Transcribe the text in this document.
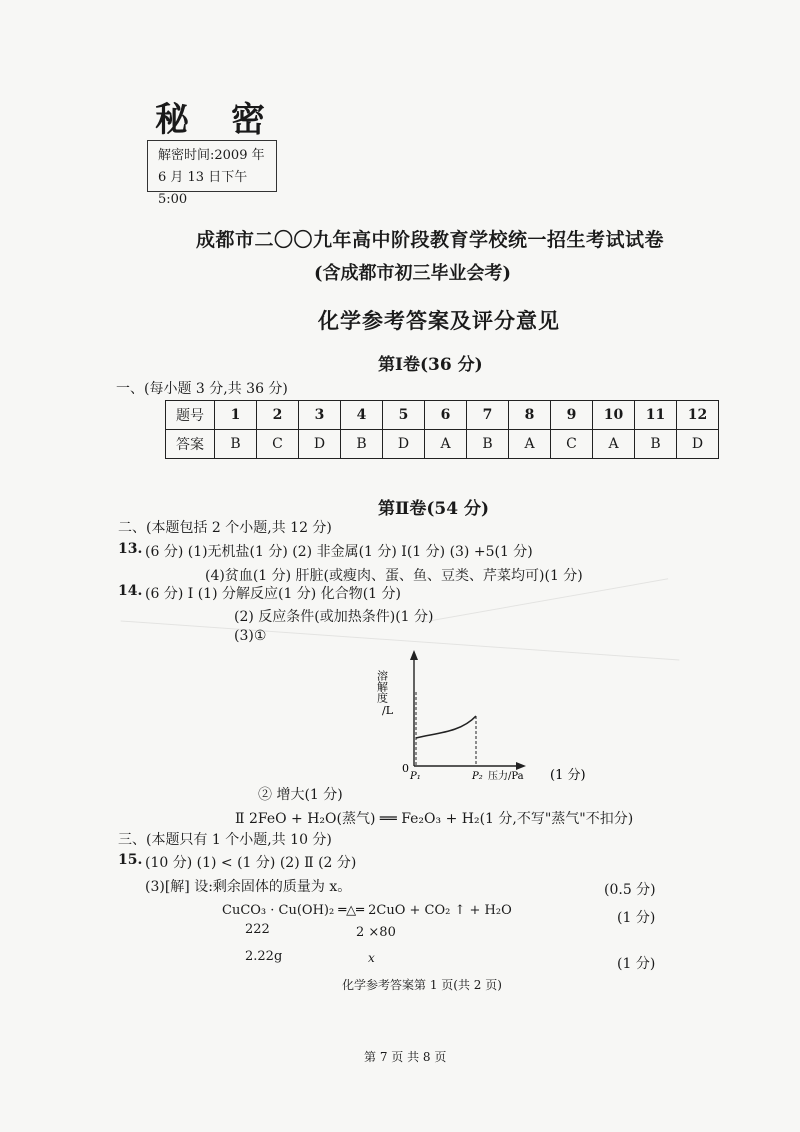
秘 密
解密时间:2009 年
6 月 13 日下午 5:00
成都市二〇〇九年高中阶段教育学校统一招生考试试卷
(含成都市初三毕业会考)
化学参考答案及评分意见
第Ⅰ卷(36 分)
一、(每小题 3 分,共 36 分)
题号	1	2	3	4	5	6	7	8	9	10	11	12
答案	B	C	D	B	D	A	B	A	C	A	B	D
第Ⅱ卷(54 分)
二、(本题包括 2 个小题,共 12 分)
13. (6 分) (1)无机盐(1 分) (2) 非金属(1 分) I(1 分) (3) +5(1 分)
(4)贫血(1 分) 肝脏(或瘦肉、蛋、鱼、豆类、芹菜均可)(1 分)
14. (6 分) Ⅰ (1) 分解反应(1 分) 化合物(1 分)
(2) 反应条件(或加热条件)(1 分)
(3)①
溶解度
/L
0
P₁	P₂ 压力/Pa (1 分)
② 增大(1 分)
Ⅱ 2FeO + H₂O(蒸气) ══ Fe₂O₃ + H₂(1 分,不写"蒸气"不扣分)
三、(本题只有 1 个小题,共 10 分)
15. (10 分) (1) < (1 分) (2) Ⅱ (2 分)
(3)[解] 设:剩余固体的质量为 x。	(0.5 分)
CuCO₃ · Cu(OH)₂ ═△═ 2CuO + CO₂ ↑ + H₂O	(1 分)
222	2 ×80
2.22g	x	(1 分)
化学参考答案第 1 页(共 2 页)
第 7 页 共 8 页
